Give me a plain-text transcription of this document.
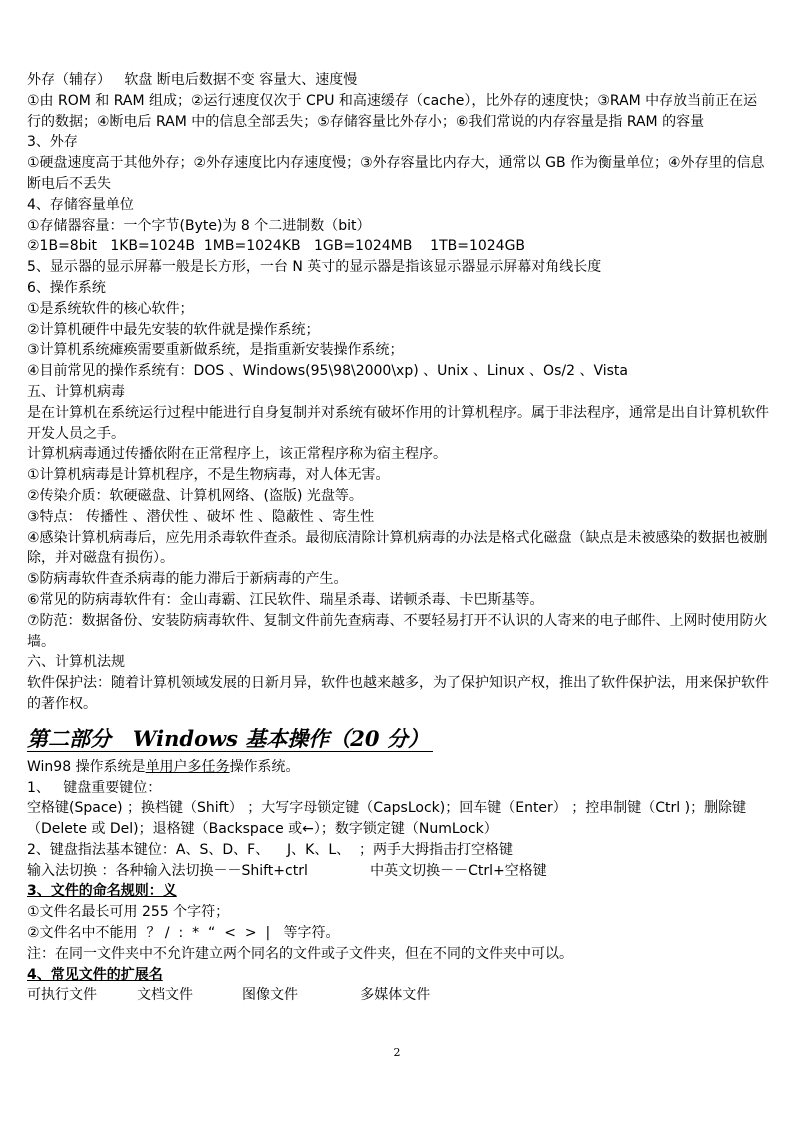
外存（辅存）   软盘 断电后数据不变 容量大、速度慢
①由 ROM 和 RAM 组成；②运行速度仅次于 CPU 和高速缓存（cache），比外存的速度快；③RAM 中存放当前正在运行的数据；④断电后 RAM 中的信息全部丢失；⑤存储容量比外存小；⑥我们常说的内存容量是指 RAM 的容量
3、外存
①硬盘速度高于其他外存；②外存速度比内存速度慢；③外存容量比内存大，通常以 GB 作为衡量单位；④外存里的信息断电后不丢失
4、存储容量单位
①存储器容量：一个字节(Byte)为 8 个二进制数（bit）
②1B=8bit   1KB=1024B  1MB=1024KB   1GB=1024MB    1TB=1024GB
5、显示器的显示屏幕一般是长方形，一台 N 英寸的显示器是指该显示器显示屏幕对角线长度
6、操作系统
①是系统软件的核心软件；
②计算机硬件中最先安装的软件就是操作系统；
③计算机系统瘫痪需要重新做系统，是指重新安装操作系统；
④目前常见的操作系统有：DOS 、Windows(95\98\2000\xp) 、Unix 、Linux 、Os/2 、Vista
五、计算机病毒
是在计算机在系统运行过程中能进行自身复制并对系统有破坏作用的计算机程序。属于非法程序，通常是出自计算机软件开发人员之手。
计算机病毒通过传播依附在正常程序上，该正常程序称为宿主程序。
①计算机病毒是计算机程序，不是生物病毒，对人体无害。
②传染介质：软硬磁盘、计算机网络、(盗版) 光盘等。
③特点： 传播性 、潜伏性 、破坏 性 、隐蔽性 、寄生性
④感染计算机病毒后，应先用杀毒软件查杀。最彻底清除计算机病毒的办法是格式化磁盘（缺点是未被感染的数据也被删除，并对磁盘有损伤）。
⑤防病毒软件查杀病毒的能力滞后于新病毒的产生。
⑥常见的防病毒软件有：金山毒霸、江民软件、瑞星杀毒、诺顿杀毒、卡巴斯基等。
⑦防范：数据备份、安装防病毒软件、复制文件前先查病毒、不要轻易打开不认识的人寄来的电子邮件、上网时使用防火墙。
六、计算机法规
软件保护法：随着计算机领域发展的日新月异，软件也越来越多，为了保护知识产权，推出了软件保护法，用来保护软件的著作权。
第二部分   Windows 基本操作（20 分）
Win98 操作系统是单用户多任务操作系统。
1、   键盘重要键位：
空格键(Space) ；换档键（Shift） ；大写字母锁定键（CapsLock)；回车键（Enter） ；控串制键（Ctrl )；删除键（Delete 或 Del)；退格键（Backspace 或←）；数字锁定键（NumLock）
2、键盘指法基本键位：A、S、D、F、    J、K、L、  ；两手大拇指击打空格键
输入法切换 ：各种输入法切换－－Shift+ctrl              中英文切换－－Ctrl+空格键
3、文件的命名规则：义
①文件名最长可用 255 个字符；
②文件名中不能用  ？ /  :  *  “  <  >  |   等字符。
注：在同一文件夹中不允许建立两个同名的文件或子文件夹，但在不同的文件夹中可以。
4、常见文件的扩展名
可执行文件         文档文件           图像文件              多媒体文件
2
